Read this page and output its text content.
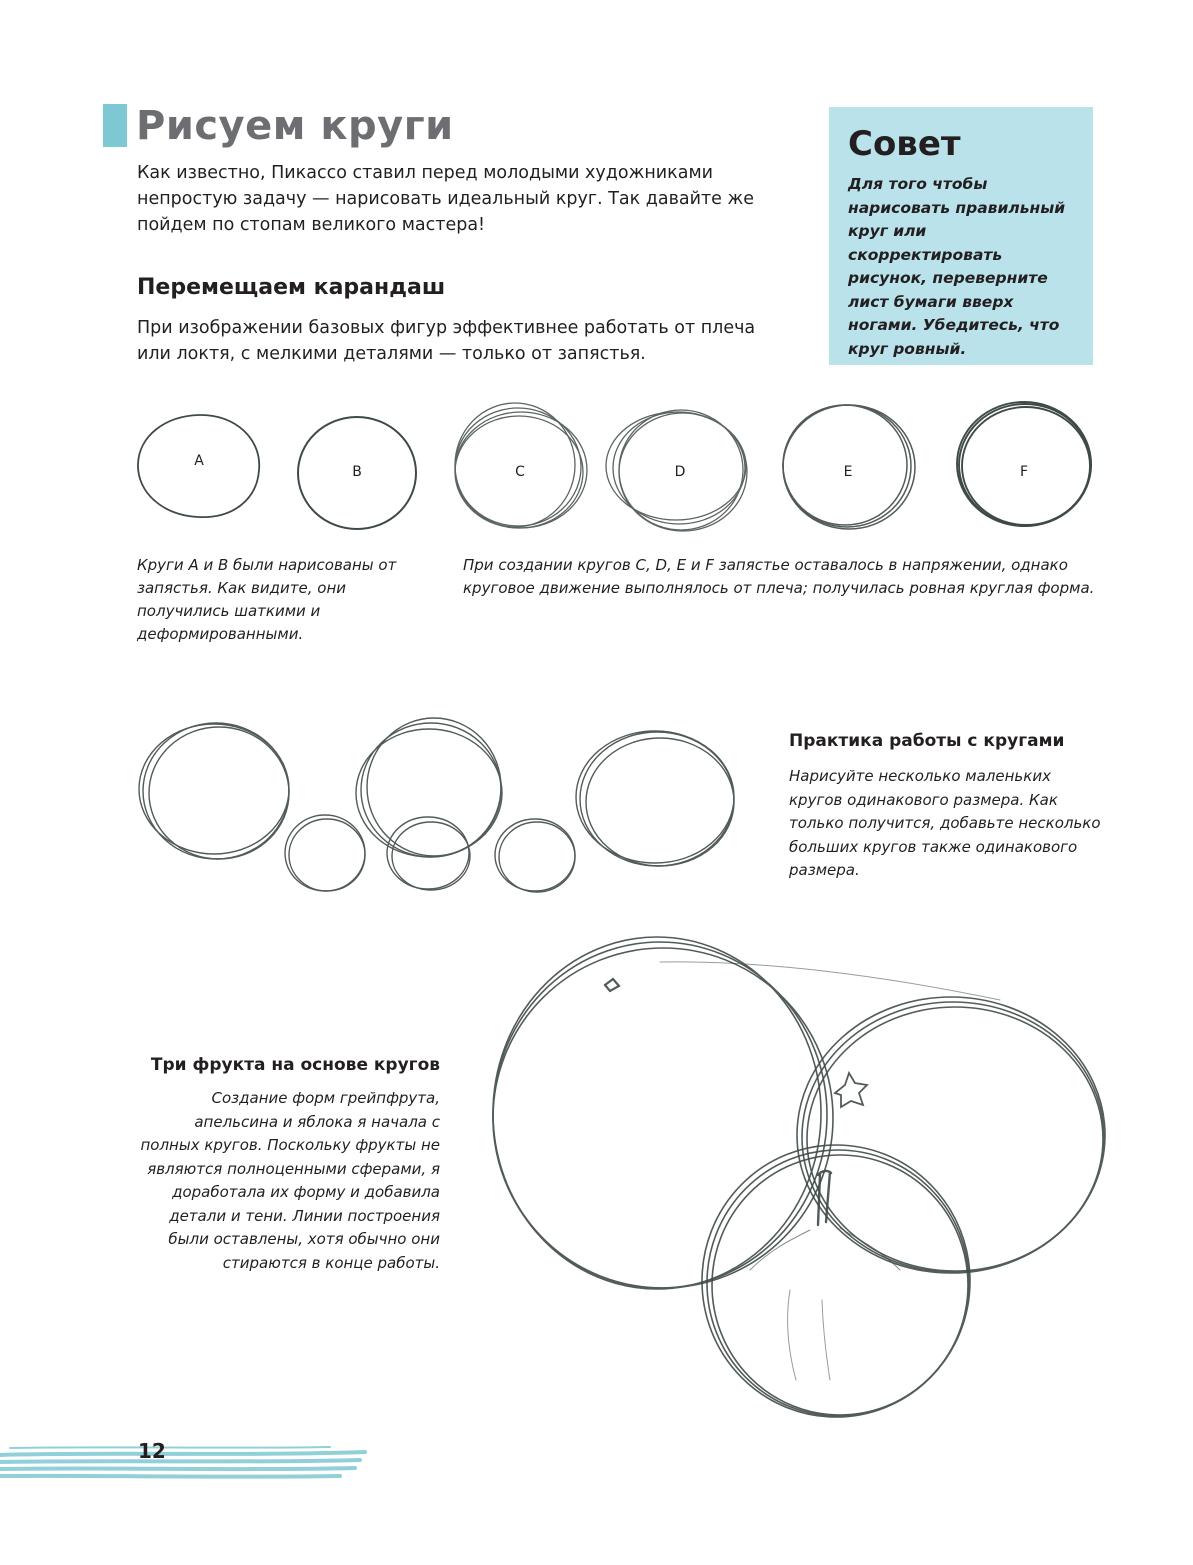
Рисуем круги

Как известно, Пикассо ставил перед молодыми художниками непростую задачу — нарисовать идеальный круг. Так давайте же пойдем по стопам великого мастера!

Перемещаем карандаш

При изображении базовых фигур эффективнее работать от плеча или локтя, с мелкими деталями — только от запястья.

Совет
Для того чтобы нарисовать правильный круг или скорректировать рисунок, переверните лист бумаги вверх ногами. Убедитесь, что круг ровный.
A
B	C	D	E	F

Круги A и B были нарисованы от запястья. Как видите, они получились шаткими и деформированными.

При создании кругов C, D, E и F запястье оставалось в напряжении, однако круговое движение выполнялось от плеча; получилась ровная круглая форма.

Практика работы с кругами

Нарисуйте несколько маленьких кругов одинакового размера. Как только получится, добавьте несколько больших кругов также одинакового размера.

Три фрукта на основе кругов

Создание форм грейпфрута, апельсина и яблока я начала с полных кругов. Поскольку фрукты не являются полноценными сферами, я доработала их форму и добавила детали и тени. Линии построения были оставлены, хотя обычно они стираются в конце работы.

12
